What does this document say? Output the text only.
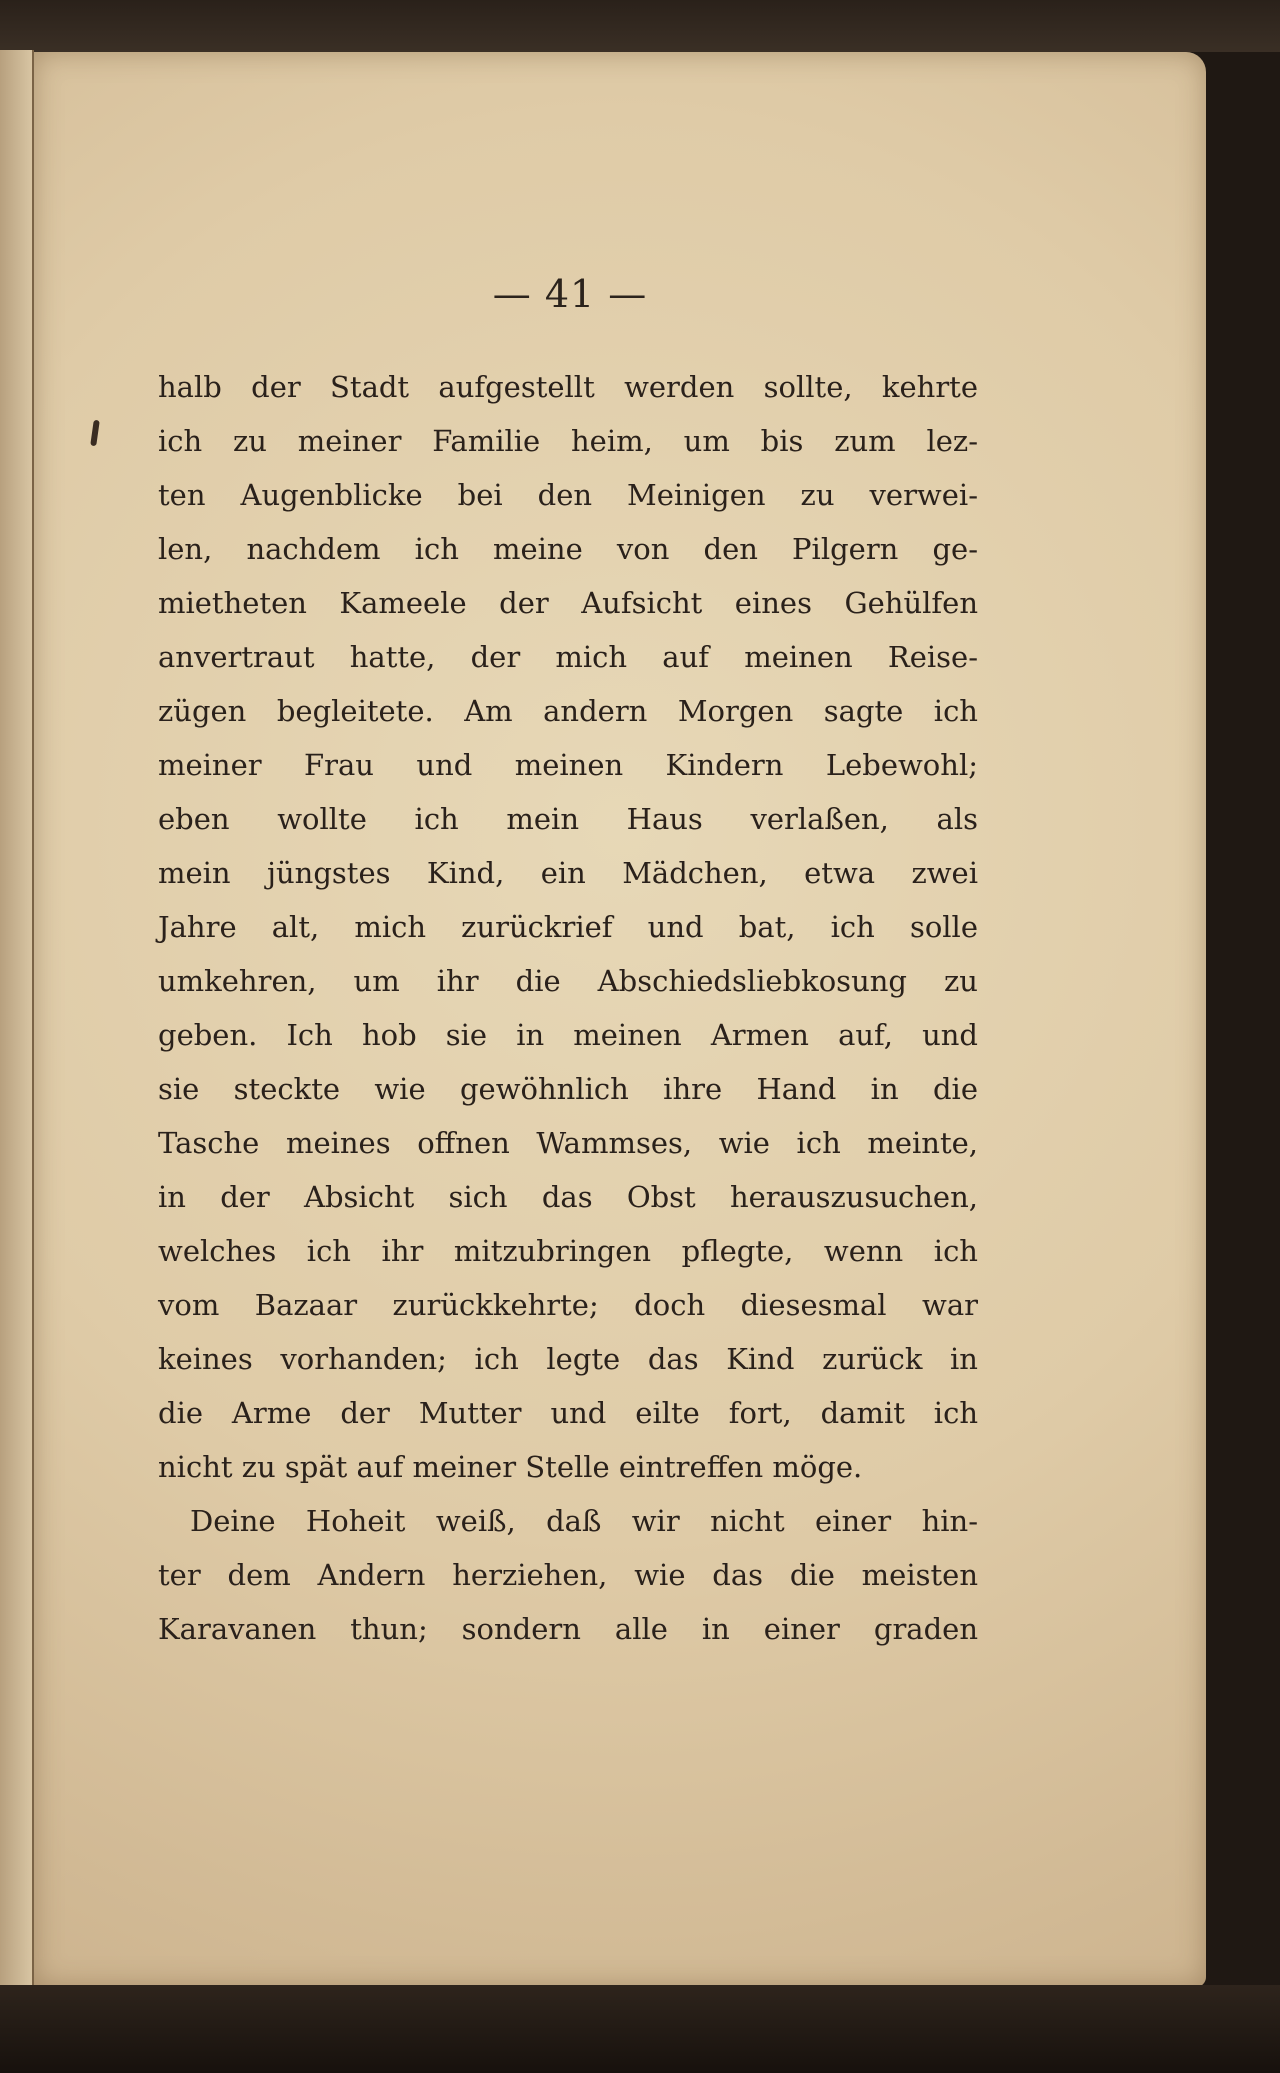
— 41 —
halb der Stadt aufgestellt werden sollte, kehrte
ich zu meiner Familie heim, um bis zum lez-
ten Augenblicke bei den Meinigen zu verwei-
len, nachdem ich meine von den Pilgern ge-
mietheten Kameele der Aufsicht eines Gehülfen
anvertraut hatte, der mich auf meinen Reise-
zügen begleitete. Am andern Morgen sagte ich
meiner Frau und meinen Kindern Lebewohl;
eben wollte ich mein Haus verlaßen, als
mein jüngstes Kind, ein Mädchen, etwa zwei
Jahre alt, mich zurückrief und bat, ich solle
umkehren, um ihr die Abschiedsliebkosung zu
geben. Ich hob sie in meinen Armen auf, und
sie steckte wie gewöhnlich ihre Hand in die
Tasche meines offnen Wammses, wie ich meinte,
in der Absicht sich das Obst herauszusuchen,
welches ich ihr mitzubringen pflegte, wenn ich
vom Bazaar zurückkehrte; doch diesesmal war
keines vorhanden; ich legte das Kind zurück in
die Arme der Mutter und eilte fort, damit ich
nicht zu spät auf meiner Stelle eintreffen möge.
Deine Hoheit weiß, daß wir nicht einer hin-
ter dem Andern herziehen, wie das die meisten
Karavanen thun; sondern alle in einer graden
